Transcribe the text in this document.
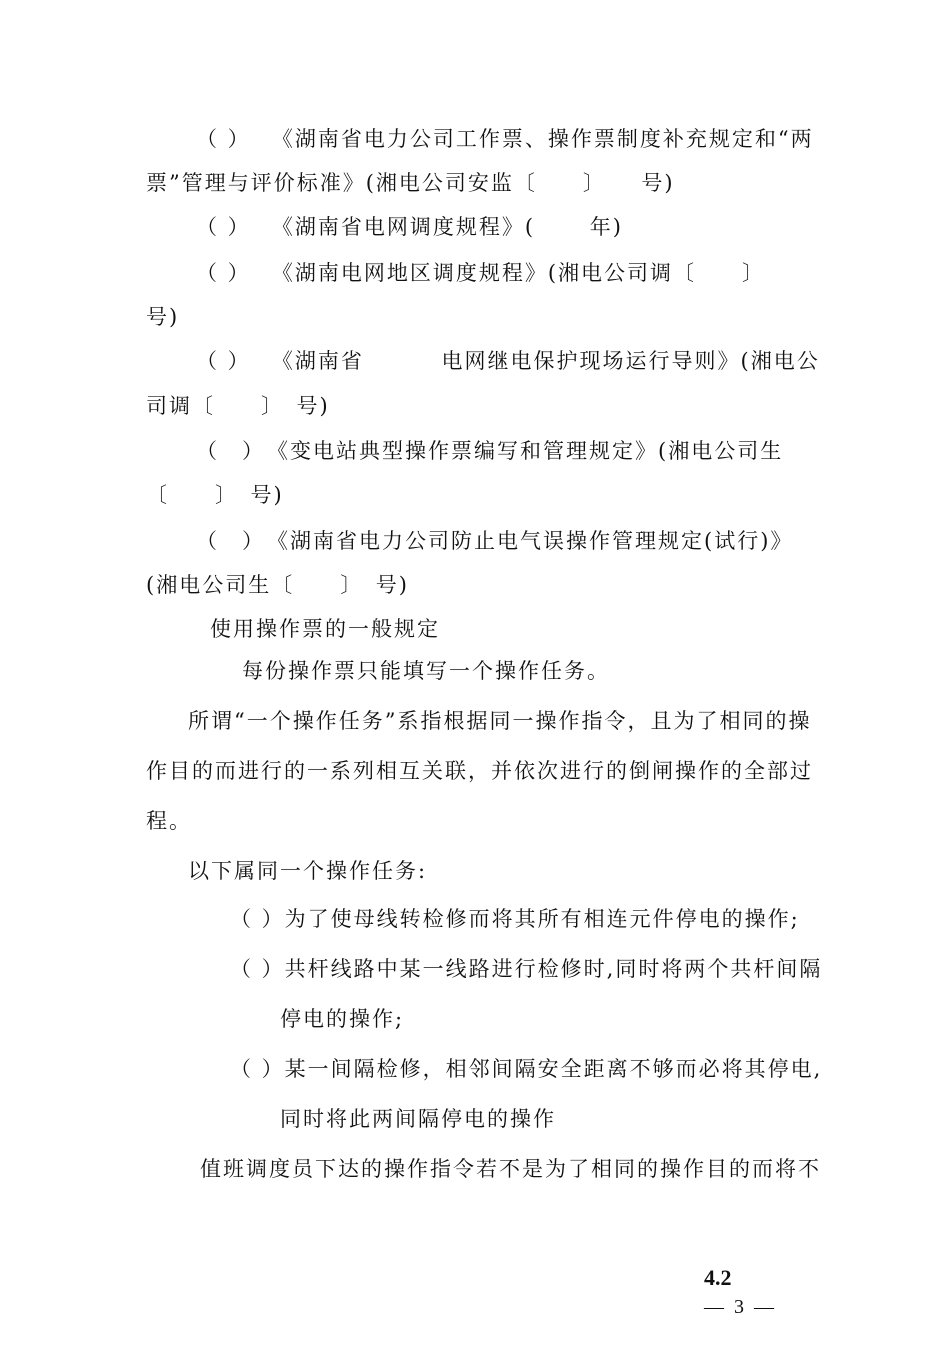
（ ）　 《湖南省电力公司工作票、操作票制度补充规定和“两
票”管理与评价标准》(湘电公司安监〔　　〕　　号)
（ ）　 《湖南省电网调度规程》(　　 年)
（ ）　 《湖南电网地区调度规程》(湘电公司调〔　　〕
号)
（ ）　 《湖南省　　　 电网继电保护现场运行导则》(湘电公
司调〔　　〕　号)
（　）　《变电站典型操作票编写和管理规定》(湘电公司生
〔　　〕　号)
（　）　《湖南省电力公司防止电气误操作管理规定(试行)》
(湘电公司生〔　　〕　号)
使用操作票的一般规定
每份操作票只能填写一个操作任务。
所谓“一个操作任务”系指根据同一操作指令，且为了相同的操
作目的而进行的一系列相互关联，并依次进行的倒闸操作的全部过
程。
以下属同一个操作任务:
（ ）为了使母线转检修而将其所有相连元件停电的操作;
（ ）共杆线路中某一线路进行检修时,同时将两个共杆间隔
停电的操作;
（ ）某一间隔检修，相邻间隔安全距离不够而必将其停电,
同时将此两间隔停电的操作
值班调度员下达的操作指令若不是为了相同的操作目的而将不

4.2
—  3  —
